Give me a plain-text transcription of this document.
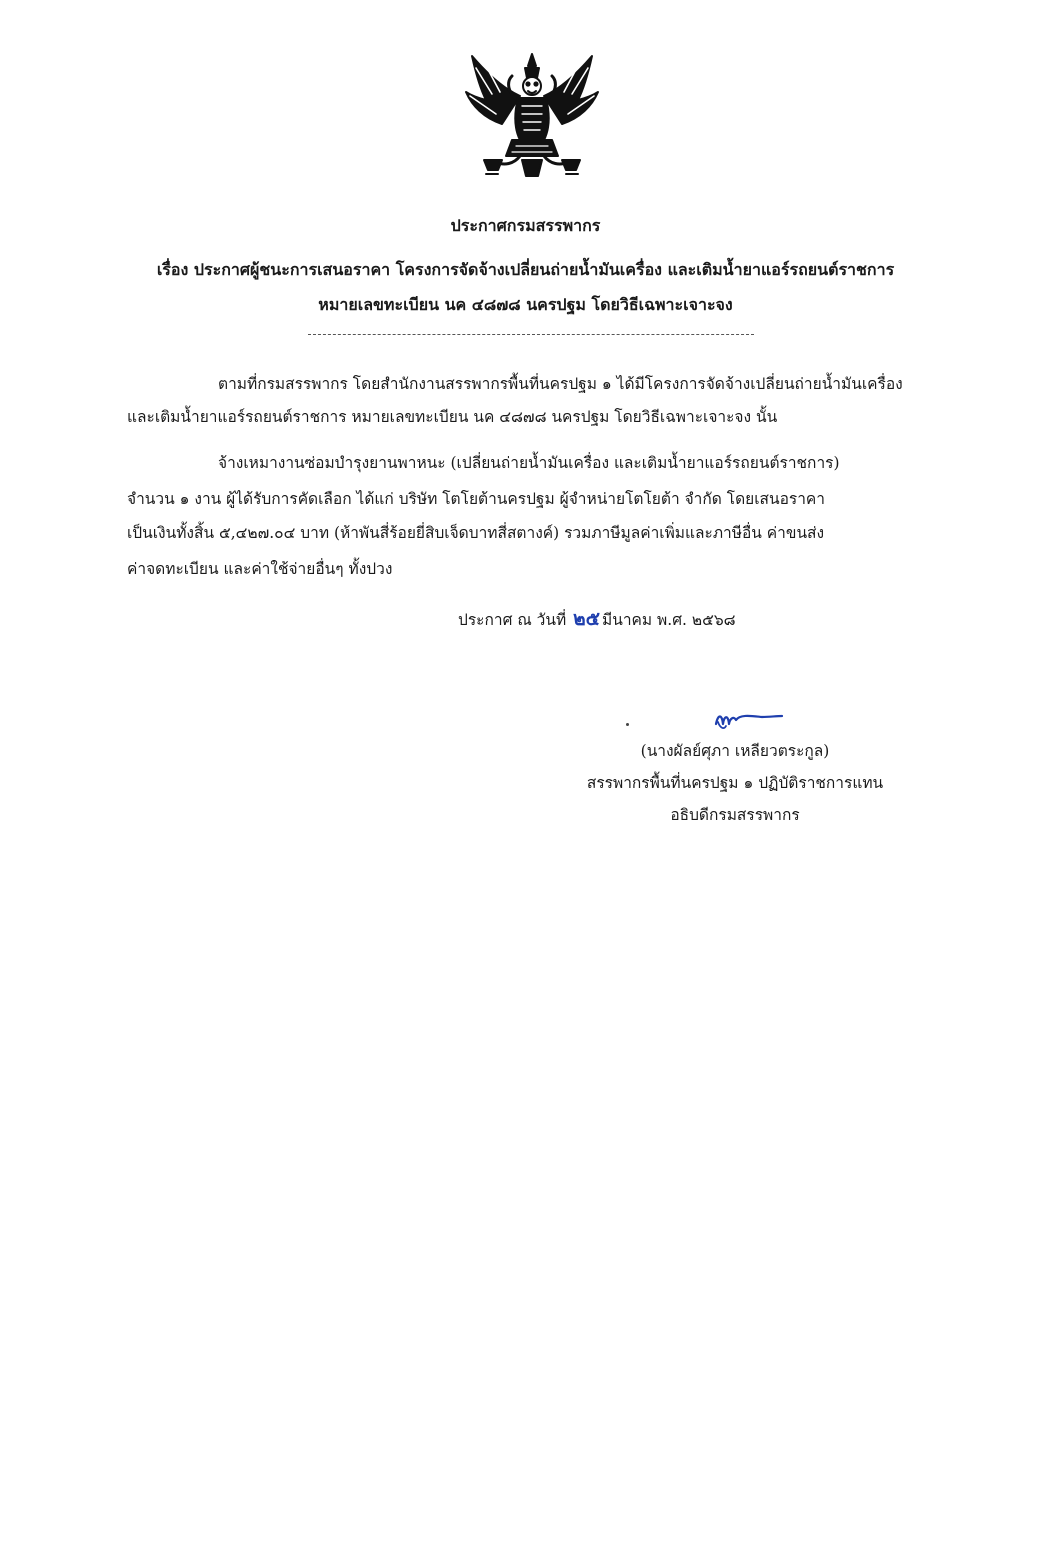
ประกาศกรมสรรพากร
เรื่อง ประกาศผู้ชนะการเสนอราคา โครงการจัดจ้างเปลี่ยนถ่ายน้ำมันเครื่อง และเติมน้ำยาแอร์รถยนต์ราชการ
หมายเลขทะเบียน นค ๔๘๗๘ นครปฐม โดยวิธีเฉพาะเจาะจง
ตามที่กรมสรรพากร โดยสำนักงานสรรพากรพื้นที่นครปฐม ๑ ได้มีโครงการจัดจ้างเปลี่ยนถ่ายน้ำมันเครื่อง
และเติมน้ำยาแอร์รถยนต์ราชการ หมายเลขทะเบียน นค ๔๘๗๘ นครปฐม โดยวิธีเฉพาะเจาะจง นั้น
จ้างเหมางานซ่อมบำรุงยานพาหนะ (เปลี่ยนถ่ายน้ำมันเครื่อง และเติมน้ำยาแอร์รถยนต์ราชการ)
จำนวน ๑ งาน ผู้ได้รับการคัดเลือก ได้แก่ บริษัท โตโยต้านครปฐม ผู้จำหน่ายโตโยต้า จำกัด โดยเสนอราคา
เป็นเงินทั้งสิ้น ๕,๔๒๗.๐๔ บาท (ห้าพันสี่ร้อยยี่สิบเจ็ดบาทสี่สตางค์) รวมภาษีมูลค่าเพิ่มและภาษีอื่น ค่าขนส่ง
ค่าจดทะเบียน และค่าใช้จ่ายอื่นๆ ทั้งปวง
ประกาศ ณ วันที่ ๒๕ มีนาคม พ.ศ. ๒๕๖๘
(นางผัลย์ศุภา เหลียวตระกูล)
สรรพากรพื้นที่นครปฐม ๑ ปฏิบัติราชการแทน
อธิบดีกรมสรรพากร
